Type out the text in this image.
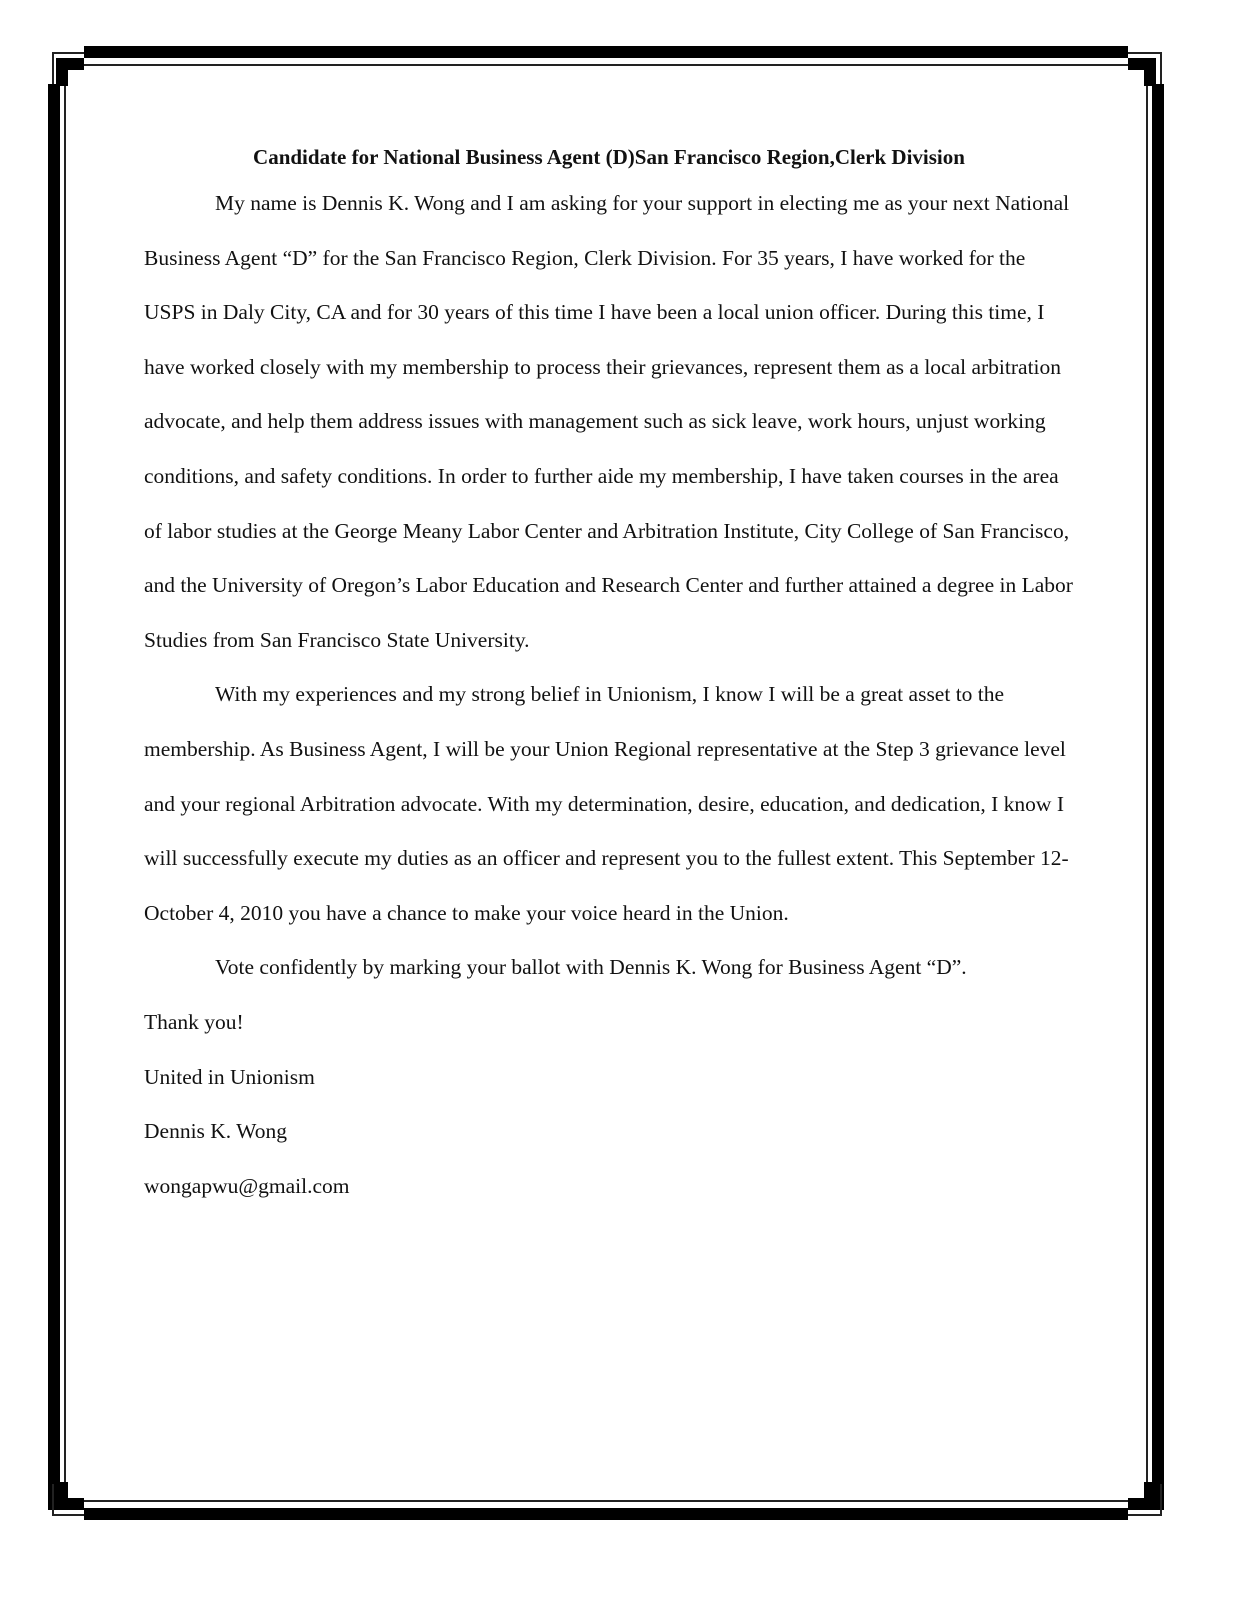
Candidate for National Business Agent (D)San Francisco Region,Clerk Division

My name is Dennis K. Wong and I am asking for your support in electing me as your next National Business Agent “D” for the San Francisco Region, Clerk Division. For 35 years, I have worked for the USPS in Daly City, CA and for 30 years of this time I have been a local union officer. During this time, I have worked closely with my membership to process their grievances, represent them as a local arbitration advocate, and help them address issues with management such as sick leave, work hours, unjust working conditions, and safety conditions. In order to further aide my membership, I have taken courses in the area of labor studies at the George Meany Labor Center and Arbitration Institute, City College of San Francisco, and the University of Oregon’s Labor Education and Research Center and further attained a degree in Labor Studies from San Francisco State University.

With my experiences and my strong belief in Unionism, I know I will be a great asset to the membership. As Business Agent, I will be your Union Regional representative at the Step 3 grievance level and your regional Arbitration advocate. With my determination, desire, education, and dedication, I know I will successfully execute my duties as an officer and represent you to the fullest extent. This September 12- October 4, 2010 you have a chance to make your voice heard in the Union.

Vote confidently by marking your ballot with Dennis K. Wong for Business Agent “D”.

Thank you!

United in Unionism

Dennis K. Wong

wongapwu@gmail.com
